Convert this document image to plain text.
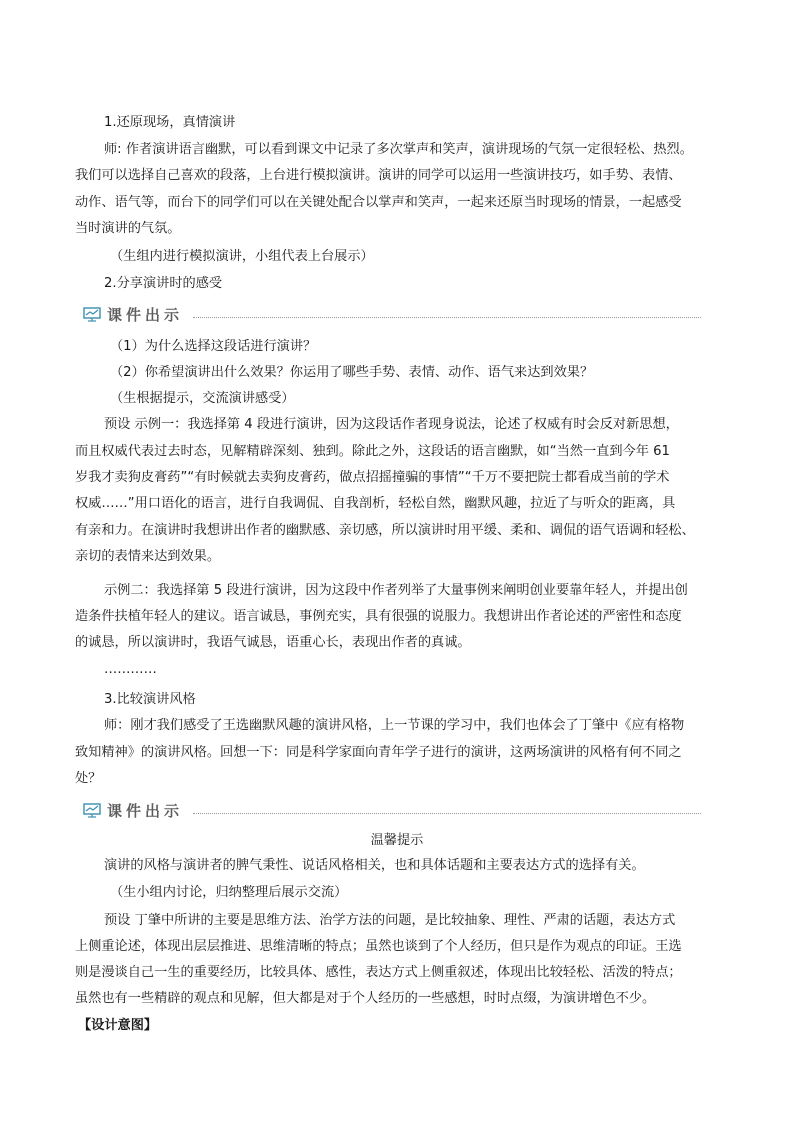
1.还原现场，真情演讲
师: 作者演讲语言幽默，可以看到课文中记录了多次掌声和笑声，演讲现场的气氛一定很轻松、热烈。
我们可以选择自己喜欢的段落，上台进行模拟演讲。演讲的同学可以运用一些演讲技巧，如手势、表情、
动作、语气等，而台下的同学们可以在关键处配合以掌声和笑声，一起来还原当时现场的情景，一起感受
当时演讲的气氛。
（生组内进行模拟演讲，小组代表上台展示）
2.分享演讲时的感受
课件出示
（1）为什么选择这段话进行演讲？
（2）你希望演讲出什么效果？你运用了哪些手势、表情、动作、语气来达到效果？
（生根据提示，交流演讲感受）
预设 示例一：我选择第 4 段进行演讲，因为这段话作者现身说法，论述了权威有时会反对新思想，
而且权威代表过去时态，见解精辟深刻、独到。除此之外，这段话的语言幽默，如“当然一直到今年 61
岁我才卖狗皮膏药”“有时候就去卖狗皮膏药，做点招摇撞骗的事情”“千万不要把院士都看成当前的学术
权威……”用口语化的语言，进行自我调侃、自我剖析，轻松自然，幽默风趣，拉近了与听众的距离，具
有亲和力。在演讲时我想讲出作者的幽默感、亲切感，所以演讲时用平缓、柔和、调侃的语气语调和轻松、
亲切的表情来达到效果。
示例二：我选择第 5 段进行演讲，因为这段中作者列举了大量事例来阐明创业要靠年轻人，并提出创
造条件扶植年轻人的建议。语言诚恳，事例充实，具有很强的说服力。我想讲出作者论述的严密性和态度
的诚恳，所以演讲时，我语气诚恳，语重心长，表现出作者的真诚。
…………
3.比较演讲风格
师：刚才我们感受了王选幽默风趣的演讲风格，上一节课的学习中，我们也体会了丁肇中《应有格物
致知精神》的演讲风格。回想一下：同是科学家面向青年学子进行的演讲，这两场演讲的风格有何不同之
处？
课件出示
温馨提示
演讲的风格与演讲者的脾气秉性、说话风格相关，也和具体话题和主要表达方式的选择有关。
（生小组内讨论，归纳整理后展示交流）
预设 丁肇中所讲的主要是思维方法、治学方法的问题，是比较抽象、理性、严肃的话题，表达方式
上侧重论述，体现出层层推进、思维清晰的特点；虽然也谈到了个人经历，但只是作为观点的印证。王选
则是漫谈自己一生的重要经历，比较具体、感性，表达方式上侧重叙述，体现出比较轻松、活泼的特点；
虽然也有一些精辟的观点和见解，但大都是对于个人经历的一些感想，时时点缀，为演讲增色不少。
【设计意图】
